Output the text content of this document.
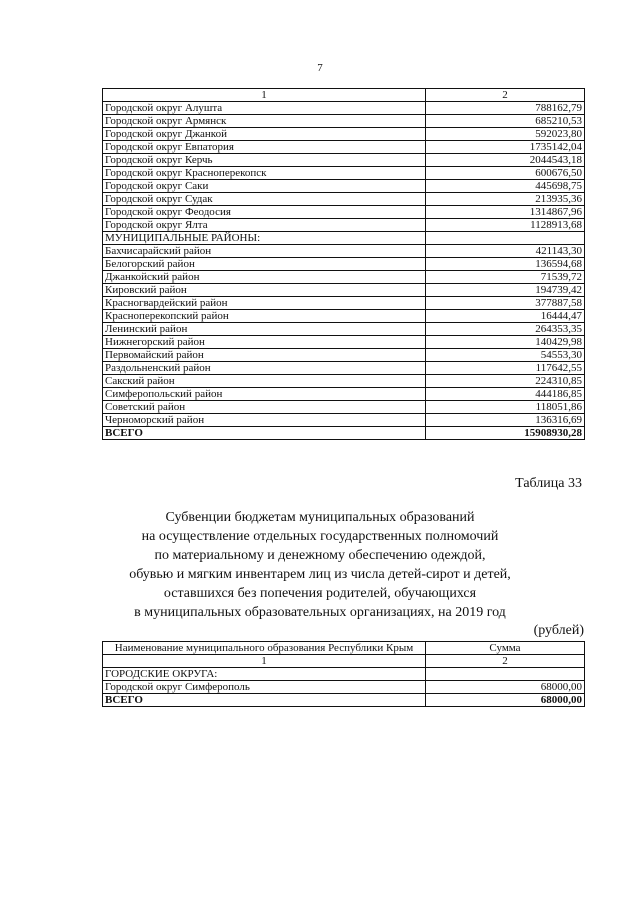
7
1	2
Городской округ Алушта	788162,79
Городской округ Армянск	685210,53
Городской округ Джанкой	592023,80
Городской округ Евпатория	1735142,04
Городской округ Керчь	2044543,18
Городской округ Красноперекопск	600676,50
Городской округ Саки	445698,75
Городской округ Судак	213935,36
Городской округ Феодосия	1314867,96
Городской округ Ялта	1128913,68
МУНИЦИПАЛЬНЫЕ РАЙОНЫ:	
Бахчисарайский район	421143,30
Белогорский район	136594,68
Джанкойский район	71539,72
Кировский район	194739,42
Красногвардейский район	377887,58
Красноперекопский район	16444,47
Ленинский район	264353,35
Нижнегорский район	140429,98
Первомайский район	54553,30
Раздольненский район	117642,55
Сакский район	224310,85
Симферопольский район	444186,85
Советский район	118051,86
Черноморский район	136316,69
ВСЕГО	15908930,28
Таблица 33
Субвенции бюджетам муниципальных образований
на осуществление отдельных государственных полномочий
по материальному и денежному обеспечению одеждой,
обувью и мягким инвентарем лиц из числа детей-сирот и детей,
оставшихся без попечения родителей, обучающихся
в муниципальных образовательных организациях, на 2019 год
(рублей)
Наименование муниципального образования Республики Крым	Сумма
1	2
ГОРОДСКИЕ ОКРУГА:	
Городской округ Симферополь	68000,00
ВСЕГО	68000,00
